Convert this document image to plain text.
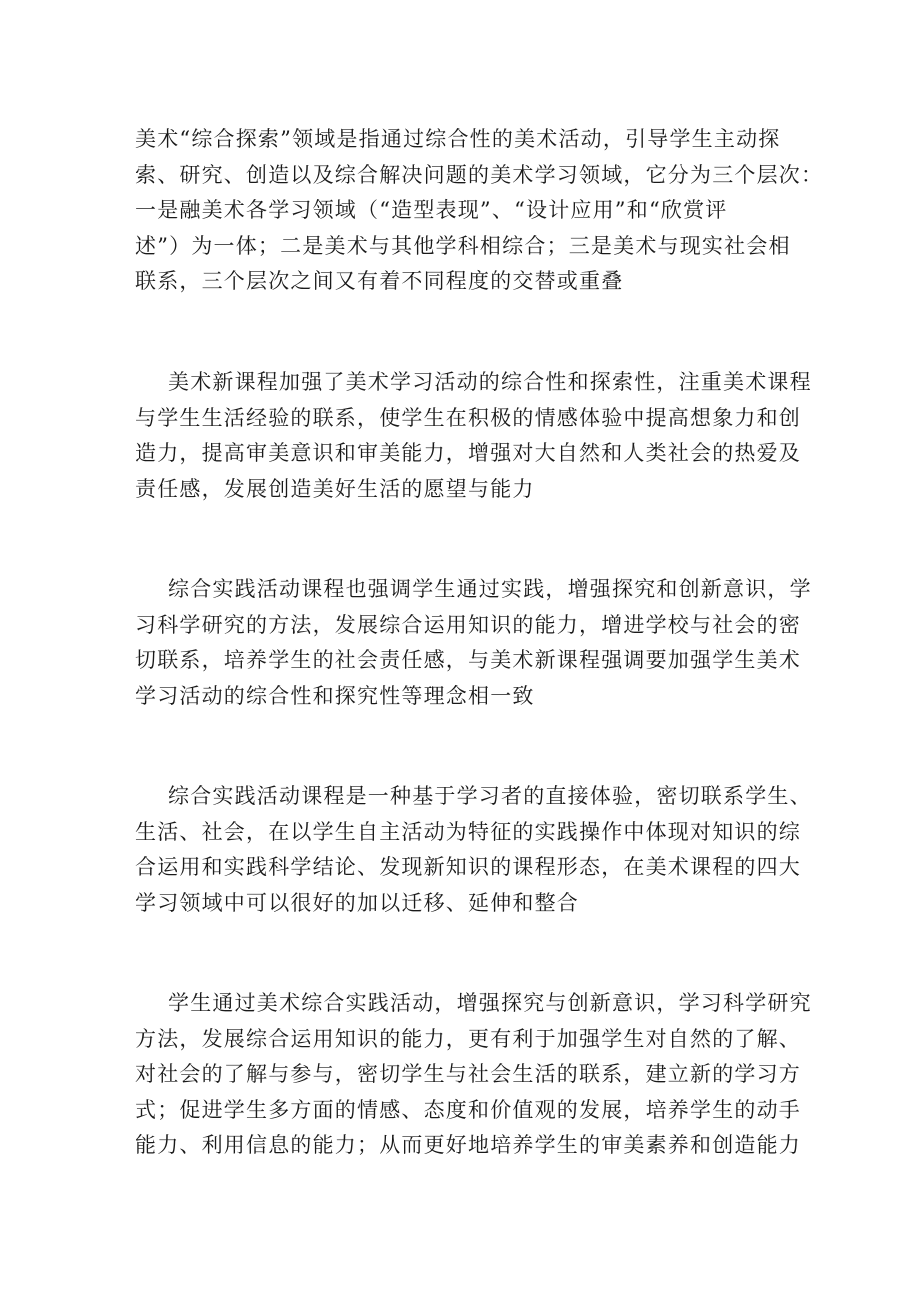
美术“综合探索”领域是指通过综合性的美术活动，引导学生主动探
索、研究、创造以及综合解决问题的美术学习领域，它分为三个层次：
一是融美术各学习领域（“造型表现”、“设计应用”和“欣赏评
述”）为一体；二是美术与其他学科相综合；三是美术与现实社会相
联系，三个层次之间又有着不同程度的交替或重叠

美术新课程加强了美术学习活动的综合性和探索性，注重美术课程
与学生生活经验的联系，使学生在积极的情感体验中提高想象力和创
造力，提高审美意识和审美能力，增强对大自然和人类社会的热爱及
责任感，发展创造美好生活的愿望与能力

综合实践活动课程也强调学生通过实践，增强探究和创新意识，学
习科学研究的方法，发展综合运用知识的能力，增进学校与社会的密
切联系，培养学生的社会责任感，与美术新课程强调要加强学生美术
学习活动的综合性和探究性等理念相一致

综合实践活动课程是一种基于学习者的直接体验，密切联系学生、
生活、社会，在以学生自主活动为特征的实践操作中体现对知识的综
合运用和实践科学结论、发现新知识的课程形态，在美术课程的四大
学习领域中可以很好的加以迁移、延伸和整合

学生通过美术综合实践活动，增强探究与创新意识，学习科学研究
方法，发展综合运用知识的能力，更有利于加强学生对自然的了解、
对社会的了解与参与，密切学生与社会生活的联系，建立新的学习方
式；促进学生多方面的情感、态度和价值观的发展，培养学生的动手
能力、利用信息的能力；从而更好地培养学生的审美素养和创造能力
